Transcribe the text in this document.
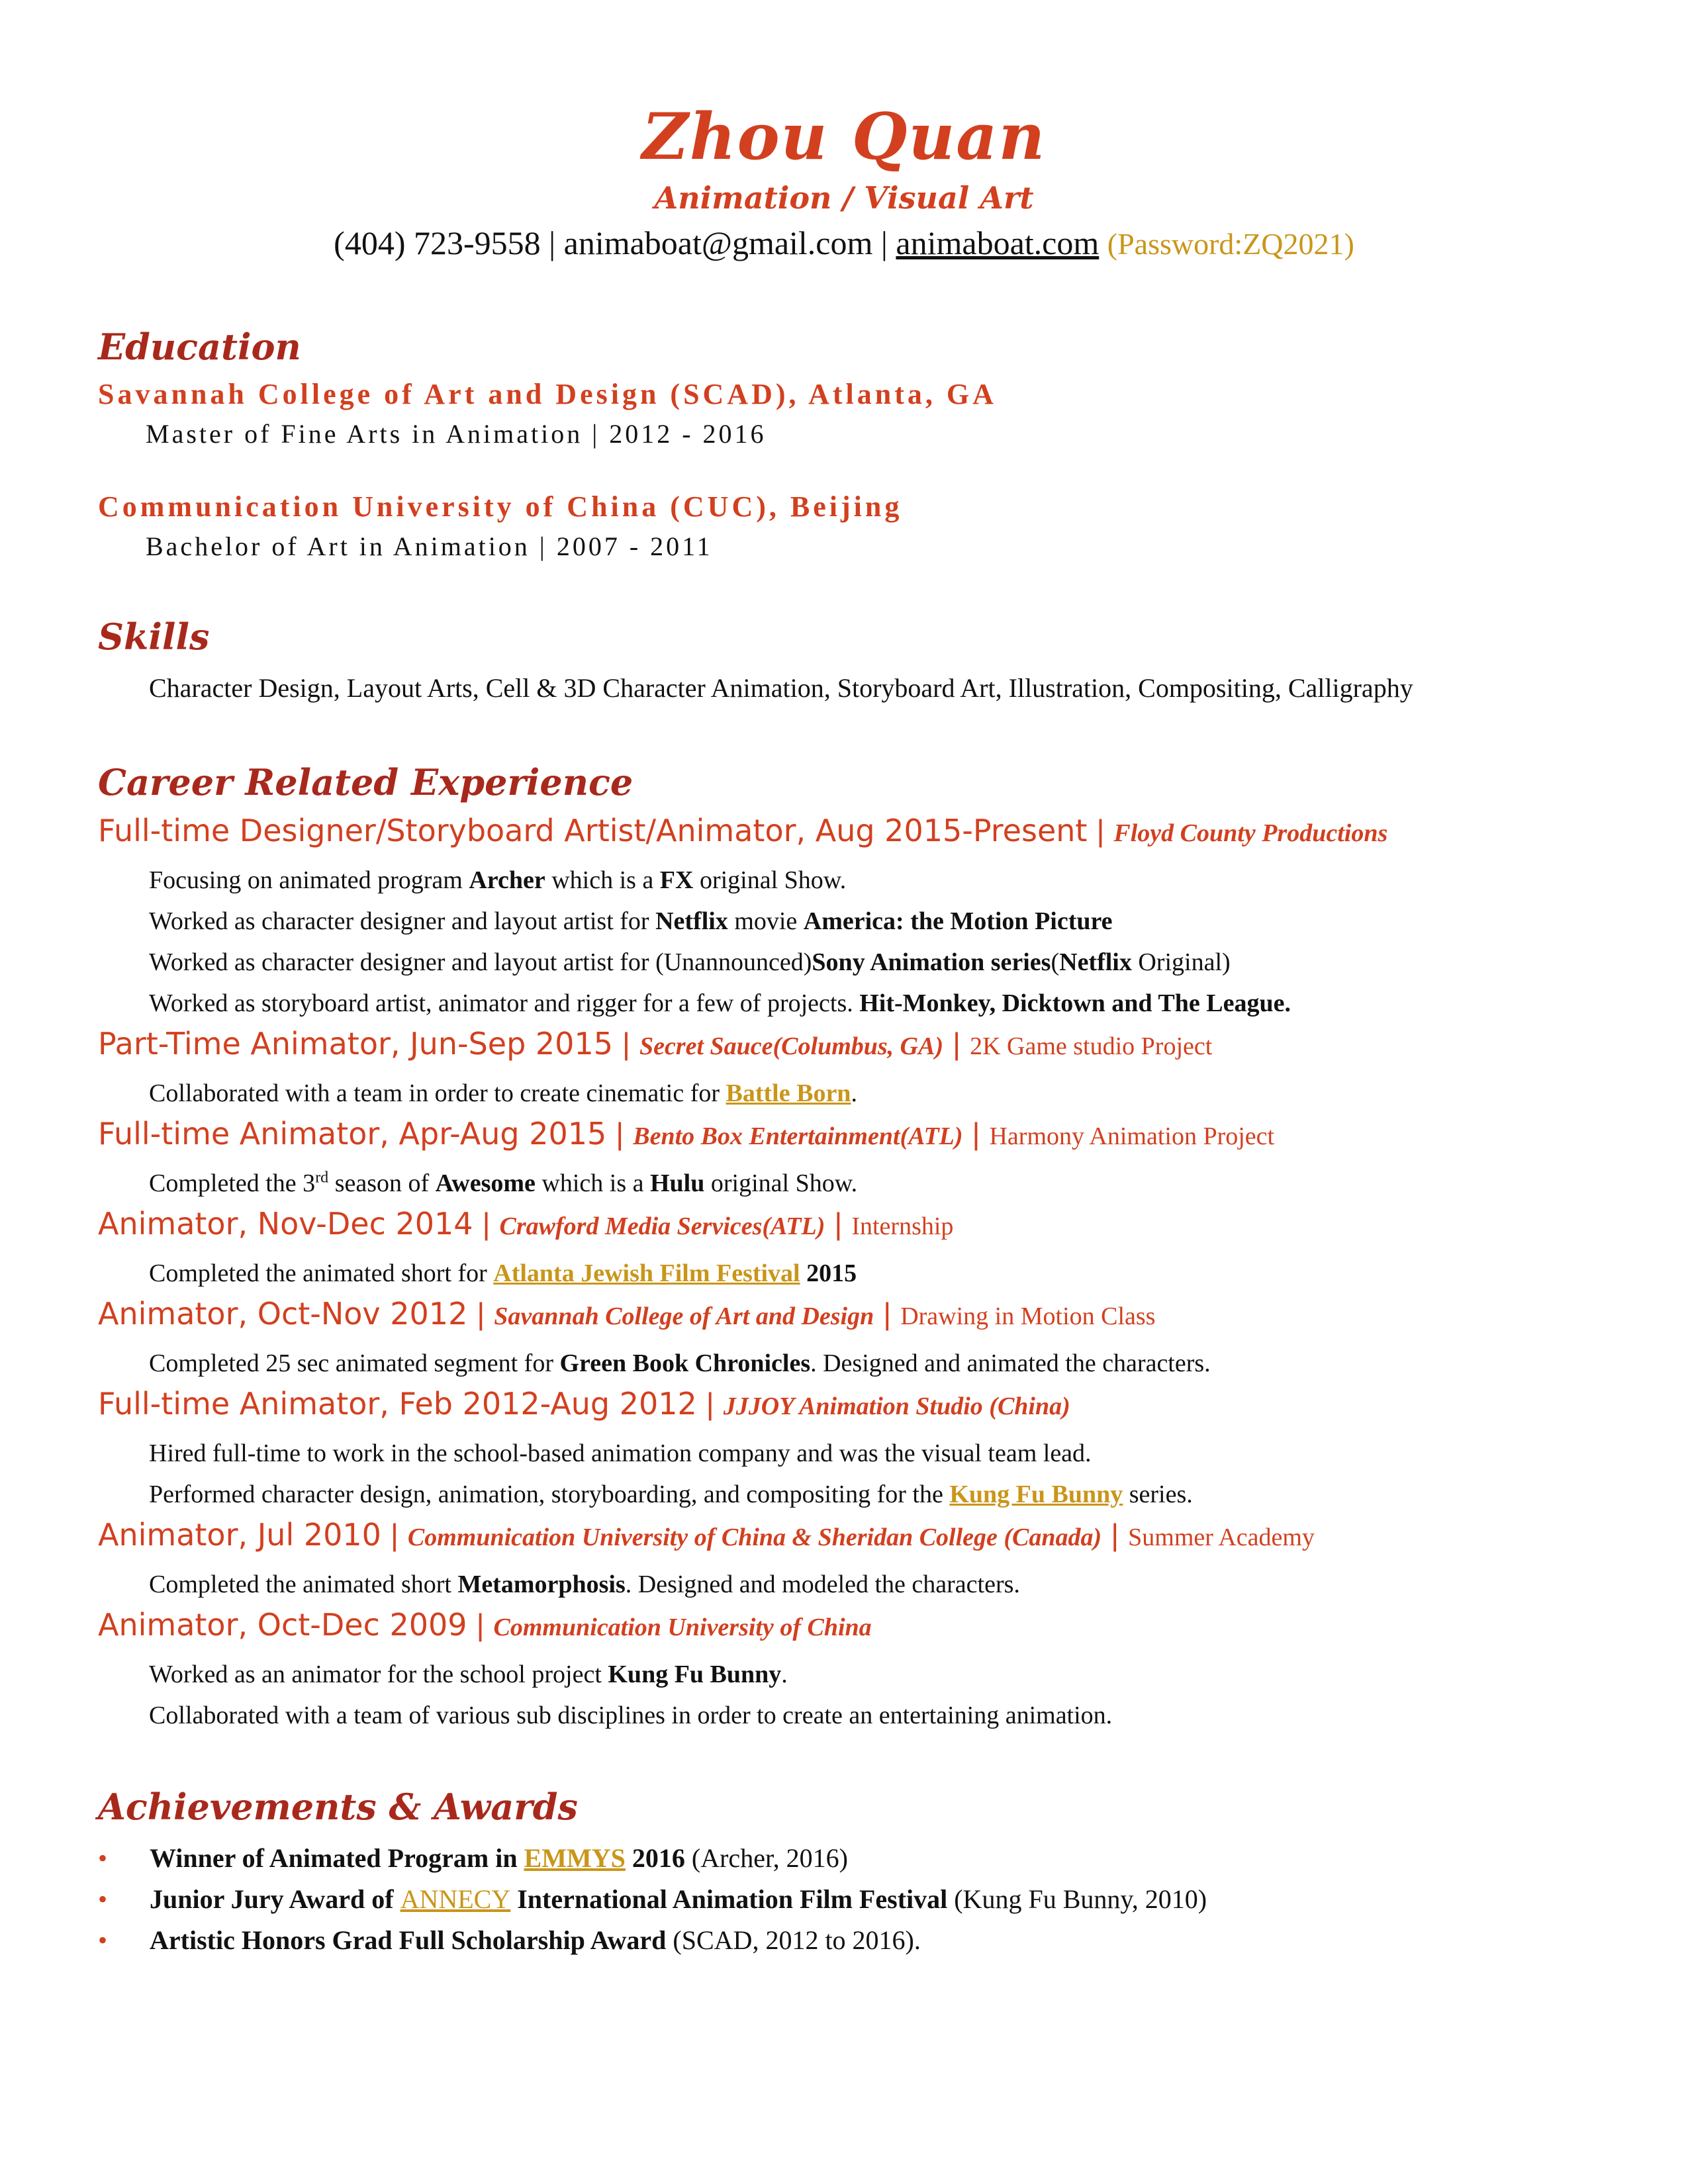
Zhou Quan
Animation / Visual Art
(404) 723-9558 | animaboat@gmail.com | animaboat.com (Password:ZQ2021)
Education
Savannah College of Art and Design (SCAD), Atlanta, GA
Master of Fine Arts in Animation | 2012 - 2016
Communication University of China (CUC), Beijing
Bachelor of Art in Animation | 2007 - 2011
Skills
Character Design, Layout Arts, Cell & 3D Character Animation, Storyboard Art, Illustration, Compositing, Calligraphy
Career Related Experience
Full-time Designer/Storyboard Artist/Animator, Aug 2015-Present | Floyd County Productions
Focusing on animated program Archer which is a FX original Show.
Worked as character designer and layout artist for Netflix movie America: the Motion Picture
Worked as character designer and layout artist for (Unannounced)Sony Animation series(Netflix Original)
Worked as storyboard artist, animator and rigger for a few of projects. Hit-Monkey, Dicktown and The League.
Part-Time Animator, Jun-Sep 2015 | Secret Sauce(Columbus, GA) | 2K Game studio Project
Collaborated with a team in order to create cinematic for Battle Born.
Full-time Animator, Apr-Aug 2015 | Bento Box Entertainment(ATL) | Harmony Animation Project
Completed the 3rd season of Awesome which is a Hulu original Show.
Animator, Nov-Dec 2014 | Crawford Media Services(ATL) | Internship
Completed the animated short for Atlanta Jewish Film Festival 2015
Animator, Oct-Nov 2012 | Savannah College of Art and Design | Drawing in Motion Class
Completed 25 sec animated segment for Green Book Chronicles. Designed and animated the characters.
Full-time Animator, Feb 2012-Aug 2012 | JJJOY Animation Studio (China)
Hired full-time to work in the school-based animation company and was the visual team lead.
Performed character design, animation, storyboarding, and compositing for the Kung Fu Bunny series.
Animator, Jul 2010 | Communication University of China & Sheridan College (Canada) | Summer Academy
Completed the animated short Metamorphosis. Designed and modeled the characters.
Animator, Oct-Dec 2009 | Communication University of China
Worked as an animator for the school project Kung Fu Bunny.
Collaborated with a team of various sub disciplines in order to create an entertaining animation.
Achievements & Awards
• Winner of Animated Program in EMMYS 2016 (Archer, 2016)
• Junior Jury Award of ANNECY International Animation Film Festival (Kung Fu Bunny, 2010)
• Artistic Honors Grad Full Scholarship Award (SCAD, 2012 to 2016).
